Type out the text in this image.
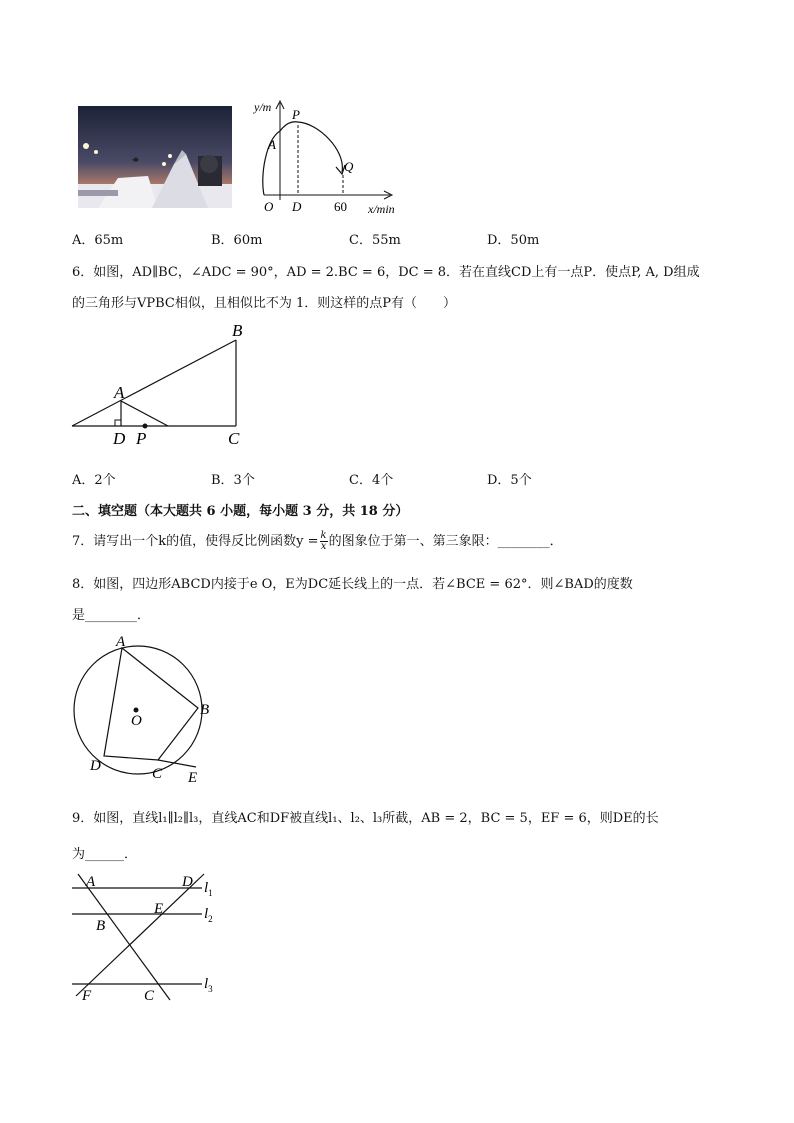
y/m
x/min
P
A
Q
O D	60
A．65m	B．60m	C．55m	D．50m
6．如图，AD∥BC，∠ADC = 90°，AD = 2.BC = 6，DC = 8．若在直线CD上有一点P．使点P, A, D组成
的三角形与VPBC相似，且相似比不为 1．则这样的点P有（　　）
B
A
D P	C
A．2个	B．3个	C．4个	D．5个
二、填空题（本大题共 6 小题，每小题 3 分，共 18 分）
7．请写出一个k的值，使得反比例函数$y = \frac{k}{x}$ 的图象位于第一、第三象限：________．
8．如图，四边形ABCD内接于e O，E为DC延长线上的一点．若∠BCE = 62°．则∠BAD的度数
是________．
A
B
O
D	C E
9．如图，直线l₁∥l₂∥l₃，直线AC和DF被直线l₁、l₂、l₃所截，AB = 2，BC = 5，EF = 6，则DE的长
为______．
A	D
E
B
F	C
$l_1$
$l_2$
$l_3$
